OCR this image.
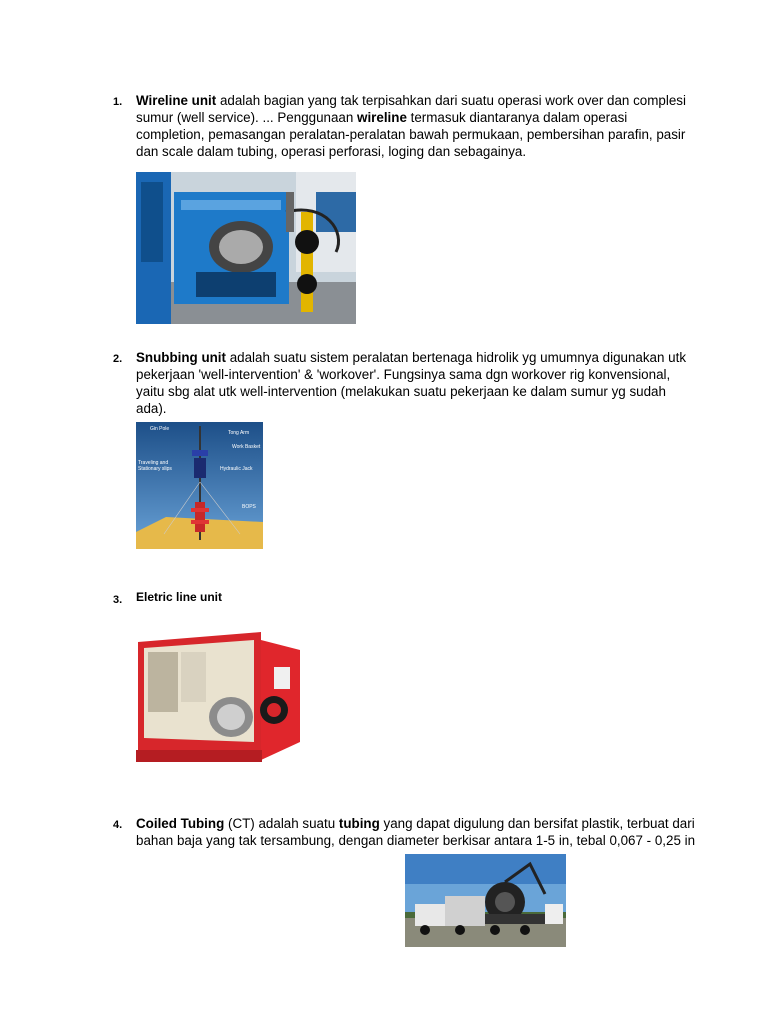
1. Wireline unit adalah bagian yang tak terpisahkan dari suatu operasi work over dan complesi sumur (well service). ... Penggunaan wireline termasuk diantaranya dalam operasi completion, pemasangan peralatan-peralatan bawah permukaan, pembersihan parafin, pasir dan scale dalam tubing, operasi perforasi, loging dan sebagainya.
2. Snubbing unit adalah suatu sistem peralatan bertenaga hidrolik yg umumnya digunakan utk pekerjaan 'well-intervention' & 'workover'. Fungsinya sama dgn workover rig konvensional, yaitu sbg alat utk well-intervention (melakukan suatu pekerjaan ke dalam sumur yg sudah ada).
Gin Pole
Tong Arm
Work Basket
Traveling and
Stationary slips	Hydraulic Jack
BOPS
3. Eletric line unit
4. Coiled Tubing (CT) adalah suatu tubing yang dapat digulung dan bersifat plastik, terbuat dari bahan baja yang tak tersambung, dengan diameter berkisar antara 1-5 in, tebal 0,067 - 0,25 in
